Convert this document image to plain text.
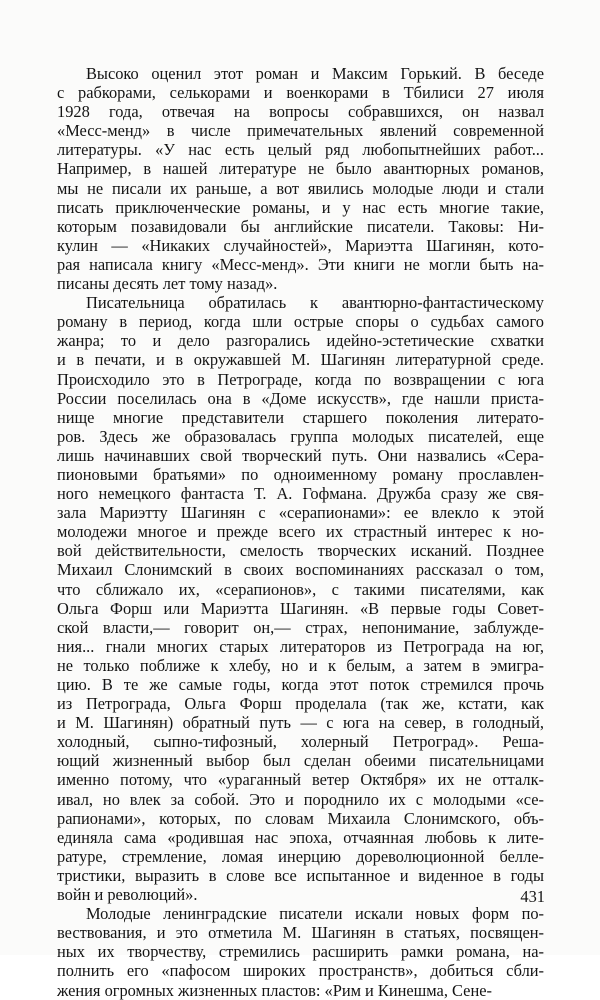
Высоко оценил этот роман и Максим Горький. В беседе
с рабкорами, селькорами и военкорами в Тбилиси 27 июля
1928 года, отвечая на вопросы собравшихся, он назвал
«Месс-менд» в числе примечательных явлений современной
литературы. «У нас есть целый ряд любопытнейших работ...
Например, в нашей литературе не было авантюрных романов,
мы не писали их раньше, а вот явились молодые люди и стали
писать приключенческие романы, и у нас есть многие такие,
которым позавидовали бы английские писатели. Таковы: Ни-
кулин — «Никаких случайностей», Мариэтта Шагинян, кото-
рая написала книгу «Месс-менд». Эти книги не могли быть на-
писаны десять лет тому назад».
Писательница обратилась к авантюрно-фантастическому
роману в период, когда шли острые споры о судьбах самого
жанра; то и дело разгорались идейно-эстетические схватки
и в печати, и в окружавшей М. Шагинян литературной среде.
Происходило это в Петрограде, когда по возвращении с юга
России поселилась она в «Доме искусств», где нашли приста-
нище многие представители старшего поколения литерато-
ров. Здесь же образовалась группа молодых писателей, еще
лишь начинавших свой творческий путь. Они назвались «Сера-
пионовыми братьями» по одноименному роману прославлен-
ного немецкого фантаста Т. А. Гофмана. Дружба сразу же свя-
зала Мариэтту Шагинян с «серапионами»: ее влекло к этой
молодежи многое и прежде всего их страстный интерес к но-
вой действительности, смелость творческих исканий. Позднее
Михаил Слонимский в своих воспоминаниях рассказал о том,
что сближало их, «серапионов», с такими писателями, как
Ольга Форш или Мариэтта Шагинян. «В первые годы Совет-
ской власти,— говорит он,— страх, непонимание, заблужде-
ния... гнали многих старых литераторов из Петрограда на юг,
не только поближе к хлебу, но и к белым, а затем в эмигра-
цию. В те же самые годы, когда этот поток стремился прочь
из Петрограда, Ольга Форш проделала (так же, кстати, как
и М. Шагинян) обратный путь — с юга на север, в голодный,
холодный, сыпно-тифозный, холерный Петроград». Реша-
ющий жизненный выбор был сделан обеими писательницами
именно потому, что «ураганный ветер Октября» их не отталк-
ивал, но влек за собой. Это и породнило их с молодыми «се-
рапионами», которых, по словам Михаила Слонимского, объ-
единяла сама «родившая нас эпоха, отчаянная любовь к лите-
ратуре, стремление, ломая инерцию дореволюционной белле-
тристики, выразить в слове все испытанное и виденное в годы
войн и революций».
Молодые ленинградские писатели искали новых форм по-
вествования, и это отметила М. Шагинян в статьях, посвящен-
ных их творчеству, стремились расширить рамки романа, на-
полнить его «пафосом широких пространств», добиться сбли-
жения огромных жизненных пластов: «Рим и Кинешма, Сене-
431
